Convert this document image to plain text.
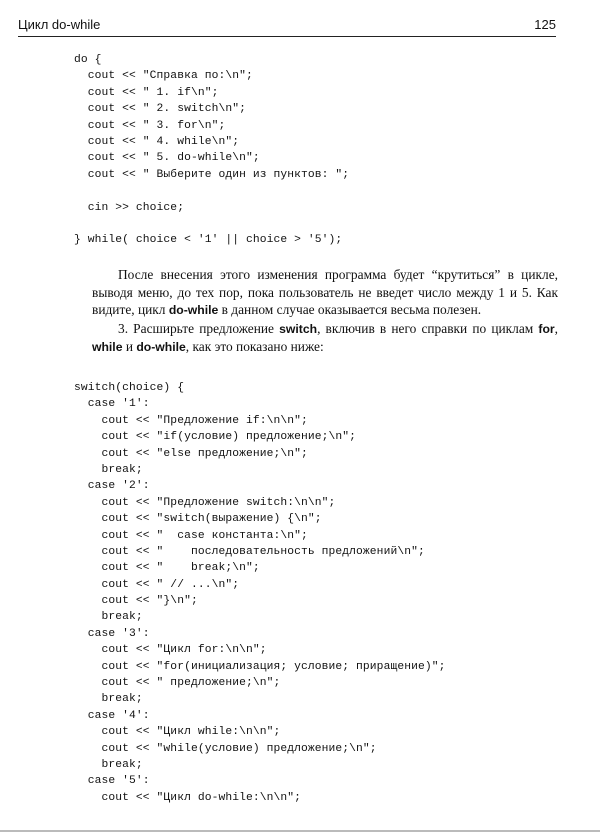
Цикл do-while	125
do {
cout << "Справка по:\n";
cout << " 1. if\n";
cout << " 2. switch\n";
cout << " 3. for\n";
cout << " 4. while\n";
cout << " 5. do-while\n";
cout << " Выберите один из пунктов: ";
cin >> choice;
} while( choice < '1' || choice > '5');

После внесения этого изменения программа будет “крутиться” в цикле, выводя меню, до тех пор, пока пользователь не введет число между 1 и 5. Как видите, цикл do-while в данном случае оказывается весьма полезен.

3. Расширьте предложение switch, включив в него справки по циклам for, while и do-while, как это показано ниже:

switch(choice) {
case '1':
cout << "Предложение if:\n\n";
cout << "if(условие) предложение;\n";
cout << "else предложение;\n";
break;
case '2':
cout << "Предложение switch:\n\n";
cout << "switch(выражение) {\n";
cout << "  case константа:\n";
cout << "    последовательность предложений\n";
cout << "    break;\n";
cout << " // ...\n";
cout << "}\n";
break;
case '3':
cout << "Цикл for:\n\n";
cout << "for(инициализация; условие; приращение)";
cout << " предложение;\n";
break;
case '4':
cout << "Цикл while:\n\n";
cout << "while(условие) предложение;\n";
break;
case '5':
cout << "Цикл do-while:\n\n";
